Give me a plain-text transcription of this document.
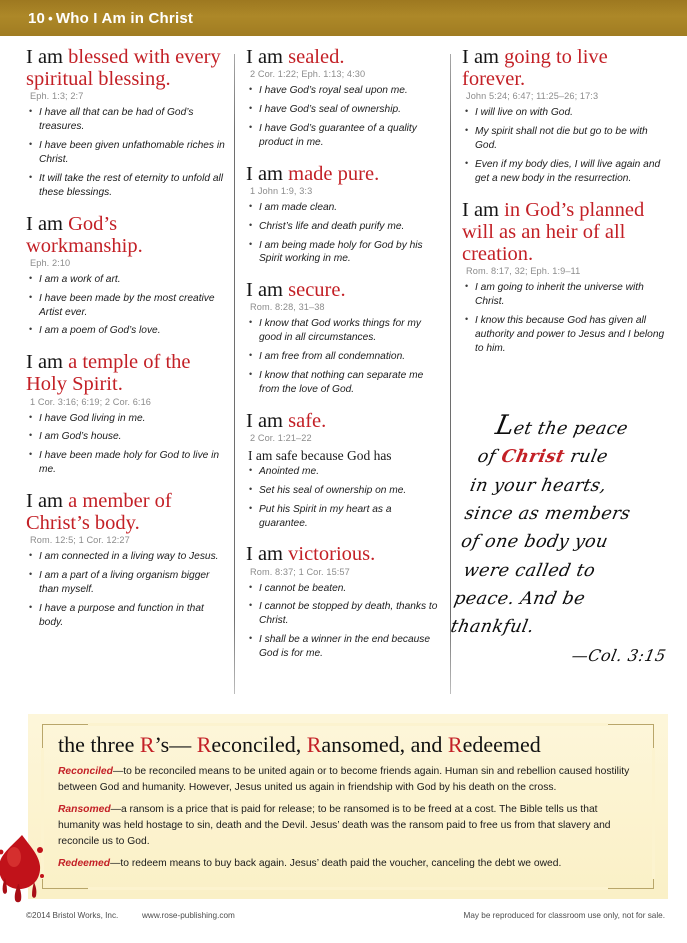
10 • Who I Am in Christ
I am blessed with every spiritual blessing.
Eph. 1:3; 2:7
• I have all that can be had of God’s treasures.
• I have been given unfathomable riches in Christ.
• It will take the rest of eternity to unfold all these blessings.
I am God’s workmanship.
Eph. 2:10
• I am a work of art.
• I have been made by the most creative Artist ever.
• I am a poem of God’s love.
I am a temple of the Holy Spirit.
1 Cor. 3:16; 6:19; 2 Cor. 6:16
• I have God living in me.
• I am God’s house.
• I have been made holy for God to live in me.
I am a member of Christ’s body.
Rom. 12:5; 1 Cor. 12:27
• I am connected in a living way to Jesus.
• I am a part of a living organism bigger than myself.
• I have a purpose and function in that body.
I am sealed.
2 Cor. 1:22; Eph. 1:13; 4:30
• I have God’s royal seal upon me.
• I have God’s seal of ownership.
• I have God’s guarantee of a quality product in me.
I am made pure.
1 John 1:9, 3:3
• I am made clean.
• Christ’s life and death purify me.
• I am being made holy for God by his Spirit working in me.
I am secure.
Rom. 8:28, 31–38
• I know that God works things for my good in all circumstances.
• I am free from all condemnation.
• I know that nothing can separate me from the love of God.
I am safe.
2 Cor. 1:21–22
I am safe because God has
• Anointed me.
• Set his seal of ownership on me.
• Put his Spirit in my heart as a guarantee.
I am victorious.
Rom. 8:37; 1 Cor. 15:57
• I cannot be beaten.
• I cannot be stopped by death, thanks to Christ.
• I shall be a winner in the end because God is for me.
I am going to live forever.
John 5:24; 6:47; 11:25–26; 17:3
• I will live on with God.
• My spirit shall not die but go to be with God.
• Even if my body dies, I will live again and get a new body in the resurrection.
I am in God’s planned will as an heir of all creation.
Rom. 8:17, 32; Eph. 1:9–11
• I am going to inherit the universe with Christ.
• I know this because God has given all authority and power to Jesus and I belong to him.
Let the peace
of Christ rule
in your hearts,
since as members
of one body you
were called to
peace. And be
thankful.
—Col. 3:15
the three R’s— Reconciled, Ransomed, and Redeemed

Reconciled—to be reconciled means to be united again or to become friends again. Human sin and rebellion caused hostility between God and humanity. However, Jesus united us again in friendship with God by his death on the cross.

Ransomed—a ransom is a price that is paid for release; to be ransomed is to be freed at a cost. The Bible tells us that humanity was held hostage to sin, death and the Devil. Jesus’ death was the ransom paid to free us from that slavery and reconcile us to God.

Redeemed—to redeem means to buy back again. Jesus’ death paid the voucher, canceling the debt we owed.

©2014 Bristol Works, Inc.	www.rose-publishing.com	May be reproduced for classroom use only, not for sale.
